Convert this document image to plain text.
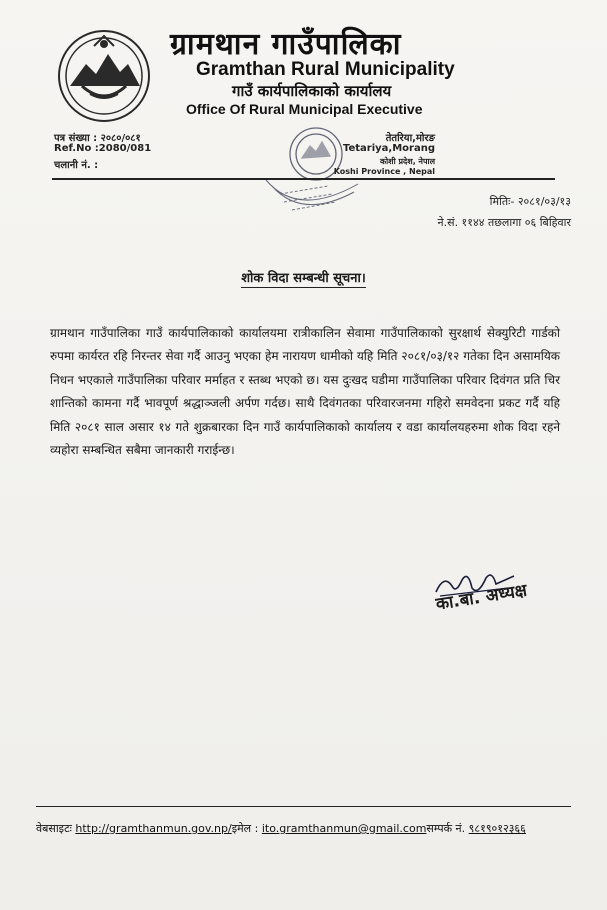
ग्रामथान गाउँपालिका
Gramthan Rural Municipality
गाउँ कार्यपालिकाको कार्यालय
Office Of Rural Municipal Executive
पत्र संख्या : २०८०/०८१
Ref.No :2080/081
चलानी नं. :
तेतरिया,मोरङ
Tetariya,Morang
कोशी प्रदेश, नेपाल
Koshi Province , Nepal
मितिः- २०८१/०३/१३
ने.सं. ११४४ तछलागा ०६ बिहिवार
शोक विदा सम्बन्धी सूचना।
ग्रामथान गाउँपालिका गाउँ कार्यपालिकाको कार्यालयमा रात्रीकालिन सेवामा गाउँपालिकाको सुरक्षार्थ सेक्युरिटी गार्डको रुपमा कार्यरत रहि निरन्तर सेवा गर्दै आउनु भएका हेम नारायण धामीको यहि मिति २०८१/०३/१२ गतेका दिन असामयिक निधन भएकाले गाउँपालिका परिवार मर्माहत र स्तब्ध भएको छ। यस दुःखद घडीमा गाउँपालिका परिवार दिवंगत प्रति चिर शान्तिको कामना गर्दै भावपूर्ण श्रद्धाञ्जली अर्पण गर्दछ। साथै दिवंगतका परिवारजनमा गहिरो समवेदना प्रकट गर्दै यहि मिति २०८१ साल असार १४ गते शुक्रबारका दिन गाउँ कार्यपालिकाको कार्यालय र वडा कार्यालयहरुमा शोक विदा रहने व्यहोरा सम्बन्धित सबैमा जानकारी गराईन्छ।
का.बा. अध्यक्ष
वेबसाइटः http://gramthanmun.gov.np/इमेल : ito.gramthanmun@gmail.comसम्पर्क नं. ९८१९०१२३६६
